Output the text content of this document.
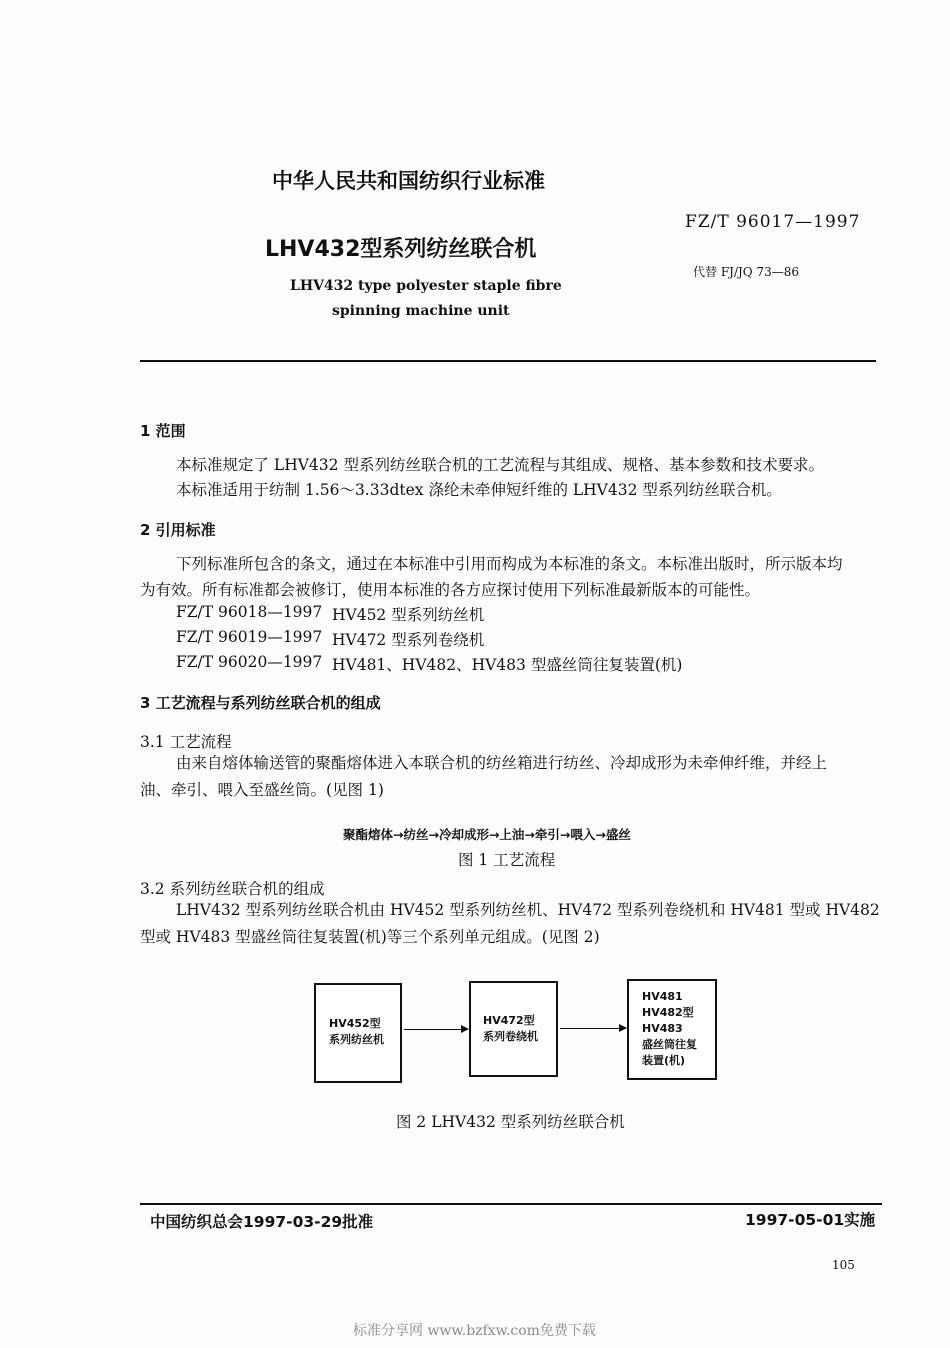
中华人民共和国纺织行业标准
FZ/T 96017—1997
LHV432型系列纺丝联合机
代替 FJ/JQ 73—86
LHV432 type polyester staple fibre
spinning machine unit
1 范围
本标准规定了 LHV432 型系列纺丝联合机的工艺流程与其组成、规格、基本参数和技术要求。
本标准适用于纺制 1.56～3.33dtex 涤纶未牵伸短纤维的 LHV432 型系列纺丝联合机。
2 引用标准
下列标准所包含的条文，通过在本标准中引用而构成为本标准的条文。本标准出版时，所示版本均
为有效。所有标准都会被修订，使用本标准的各方应探讨使用下列标准最新版本的可能性。
FZ/T 96018—1997 HV452 型系列纺丝机
FZ/T 96019—1997 HV472 型系列卷绕机
FZ/T 96020—1997 HV481、HV482、HV483 型盛丝筒往复装置(机)
3 工艺流程与系列纺丝联合机的组成
3.1 工艺流程
由来自熔体输送管的聚酯熔体进入本联合机的纺丝箱进行纺丝、冷却成形为未牵伸纤维，并经上
油、牵引、喂入至盛丝筒。(见图 1)
聚酯熔体→纺丝→冷却成形→上油→牵引→喂入→盛丝
图 1 工艺流程
3.2 系列纺丝联合机的组成
LHV432 型系列纺丝联合机由 HV452 型系列纺丝机、HV472 型系列卷绕机和 HV481 型或 HV482
型或 HV483 型盛丝筒往复装置(机)等三个系列单元组成。(见图 2)
HV452型
系列纺丝机
HV472型
系列卷绕机
HV481
HV482型
HV483
盛丝筒往复
装置(机)
图 2 LHV432 型系列纺丝联合机
中国纺织总会1997-03-29批准	1997-05-01实施
105
标准分享网 www.bzfxw.com免费下载
